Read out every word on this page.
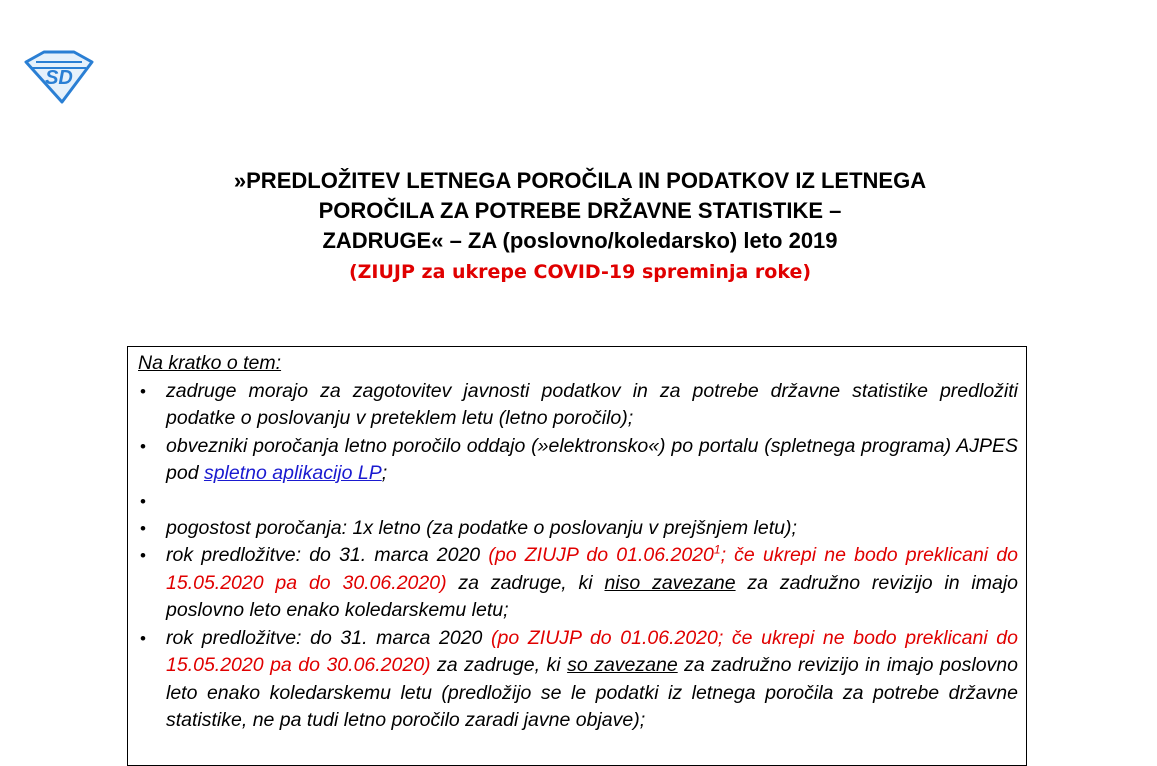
SD
»PREDLOŽITEV LETNEGA POROČILA IN PODATKOV IZ LETNEGA
POROČILA ZA POTREBE DRŽAVNE STATISTIKE –
ZADRUGE« – ZA (poslovno/koledarsko) leto 2019
(ZIUJP za ukrepe COVID-19 spreminja roke)
Na kratko o tem:
• zadruge morajo za zagotovitev javnosti podatkov in za potrebe državne statistike predložiti podatke o poslovanju v preteklem letu (letno poročilo);
• obvezniki poročanja letno poročilo oddajo (»elektronsko«) po portalu (spletnega programa) AJPES pod spletno aplikacijo LP;
•
• pogostost poročanja: 1x letno (za podatke o poslovanju v prejšnjem letu);
• rok predložitve: do 31. marca 2020 (po ZIUJP do 01.06.2020$^1$; če ukrepi ne bodo preklicani do 15.05.2020 pa do 30.06.2020) za zadruge, ki niso zavezane za zadružno revizijo in imajo poslovno leto enako koledarskemu letu;
• rok predložitve: do 31. marca 2020 (po ZIUJP do 01.06.2020; če ukrepi ne bodo preklicani do 15.05.2020 pa do 30.06.2020) za zadruge, ki so zavezane za zadružno revizijo in imajo poslovno leto enako koledarskemu letu (predložijo se le podatki iz letnega poročila za potrebe državne statistike, ne pa tudi letno poročilo zaradi javne objave);
